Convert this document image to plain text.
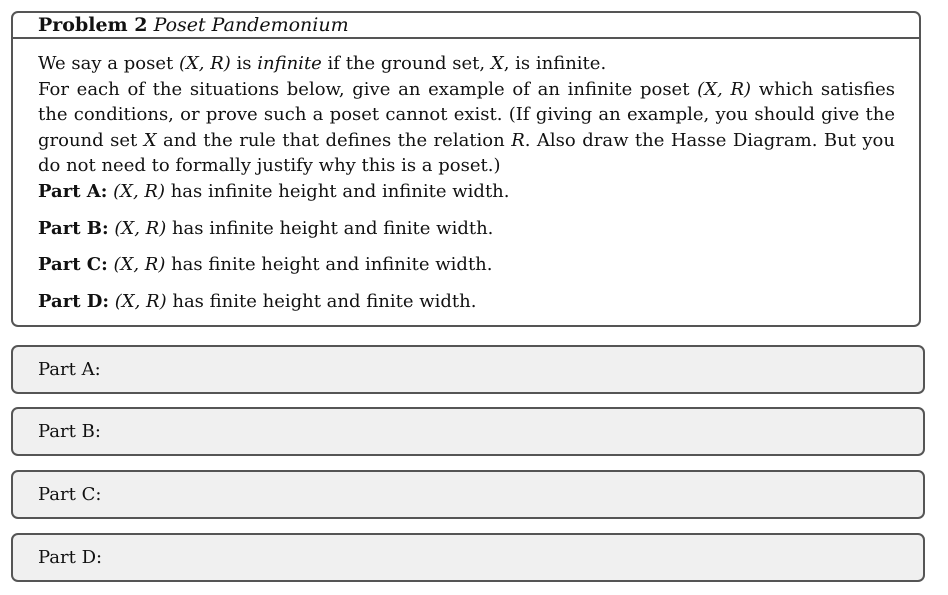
Problem 2 Poset Pandemonium

We say a poset (X, R) is infinite if the ground set, X, is infinite.

For each of the situations below, give an example of an infinite poset (X, R) which satisfies the conditions, or prove such a poset cannot exist. (If giving an example, you should give the ground set X and the rule that defines the relation R. Also draw the Hasse Diagram. But you do not need to formally justify why this is a poset.)

Part A: (X, R) has infinite height and infinite width.

Part B: (X, R) has infinite height and finite width.

Part C: (X, R) has finite height and infinite width.

Part D: (X, R) has finite height and finite width.

Part A:
Part B:
Part C:
Part D:
